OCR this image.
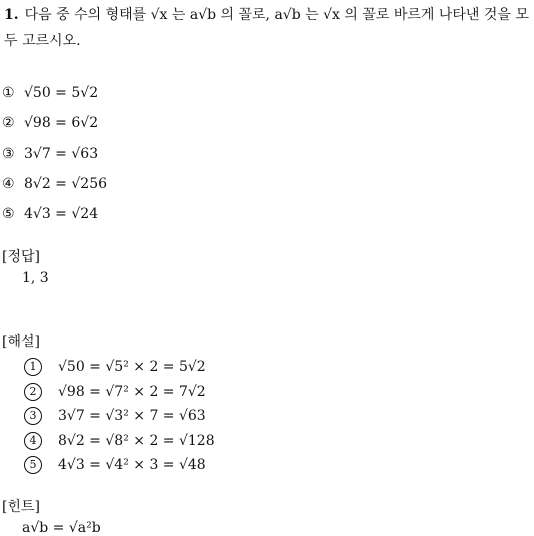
1. 다음 중 수의 형태를 √x 는 a√b 의 꼴로, a√b 는 √x 의 꼴로 바르게 나타낸 것을 모두 고르시오.
① √50 = 5√2
② √98 = 6√2
③ 3√7 = √63
④ 8√2 = √256
⑤ 4√3 = √24
[정답]
1, 3
[해설]
1	√50 = √5² × 2 = 5√2
2	√98 = √7² × 2 = 7√2
3	3√7 = √3² × 7 = √63
4	8√2 = √8² × 2 = √128
5	4√3 = √4² × 3 = √48
[힌트]
a√b = √a²b
